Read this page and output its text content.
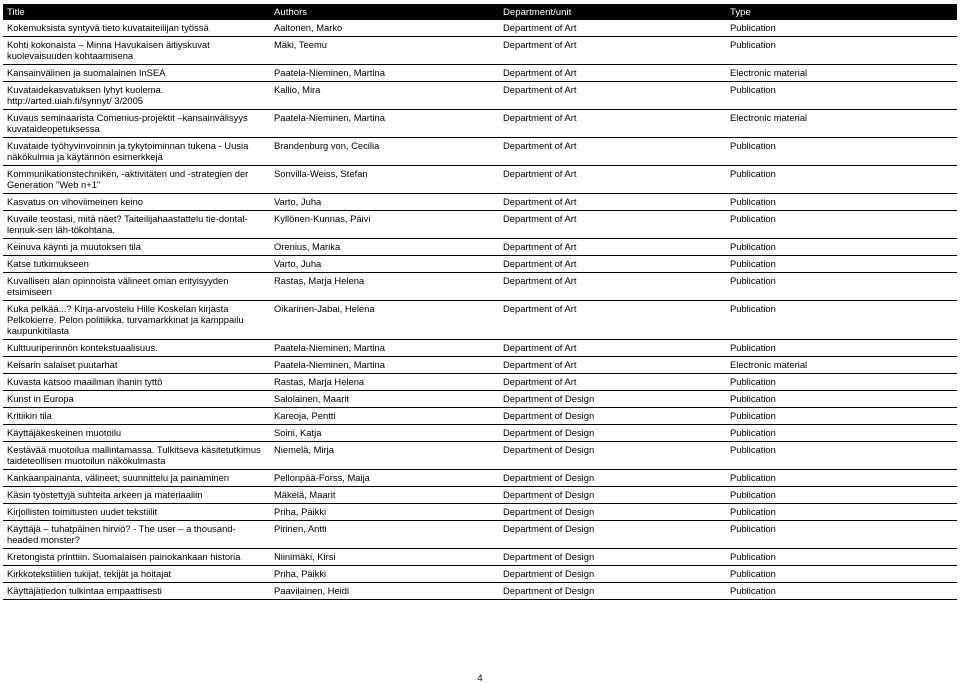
Title	Authors	Department/unit	Type
Kokemuksista syntyvä tieto kuvataiteilijan työssä	Aaltonen, Marko	Department of Art	Publication
Kohti kokonaista – Minna Havukaisen äitiyskuvat kuolevaisuuden kohtaamisena	Mäki, Teemu	Department of Art	Publication
Kansainvälinen ja suomalainen InSEA	Paatela-Nieminen, Martina	Department of Art	Electronic material
Kuvataidekasvatuksen lyhyt kuolema. http://arted.uiah.fi/synnyt/ 3/2005	Kallio, Mira	Department of Art	Publication
Kuvaus seminaarista Comenius-projektit –kansainvälisyys kuvataideopetuksessa	Paatela-Nieminen, Martina	Department of Art	Electronic material
Kuvataide työhyvinvoinnin ja tykytoiminnan tukena - Uusia näkökulmia ja käytännön esimerkkejä	Brandenburg von, Cecilia	Department of Art	Publication
Kommunikationstechniken, -aktivitäten und -strategien der Generation "Web n+1"	Sonvilla-Weiss, Stefan	Department of Art	Publication
Kasvatus on vihoviimeinen keino	Varto, Juha	Department of Art	Publication
Kuvaile teostasi, mitä näet? Taiteilijahaastattelu tie-dontal-lennuk-sen läh-tökohtana.	Kyllönen-Kunnas, Päivi	Department of Art	Publication
Keinuva käynti ja muutoksen tila	Orenius, Marika	Department of Art	Publication
Katse tutkimukseen	Varto, Juha	Department of Art	Publication
Kuvallisen alan opinnoista välineet oman erityisyyden etsimiseen	Rastas, Marja Helena	Department of Art	Publication
Kuka pelkää...? Kirja-arvostelu Hille Koskelan kirjasta Pelkokierre. Pelon politiikka, turvamarkkinat ja kamppailu kaupunkitilasta	Oikarinen-Jabai, Helena	Department of Art	Publication
Kulttuuriperinnön kontekstuaalisuus.	Paatela-Nieminen, Martina	Department of Art	Publication
Keisarin salaiset puutarhat	Paatela-Nieminen, Martina	Department of Art	Electronic material
Kuvasta katsoo maailman ihanin tyttö	Rastas, Marja Helena	Department of Art	Publication
Kunst in Europa	Salolainen, Maarit	Department of Design	Publication
Kritiikin tila	Kareoja, Pentti	Department of Design	Publication
Käyttäjäkeskeinen muotoilu	Soini, Katja	Department of Design	Publication
Kestävää muotoilua mallintamassa. Tulkitseva käsitetutkimus taideteollisen muotoilun näkökulmasta	Niemelä, Mirja	Department of Design	Publication
Kankaanpainanta, välineet, suunnittelu ja painaminen	Pellonpää-Forss, Maija	Department of Design	Publication
Käsin työstettyjä suhteita arkeen ja materiaaliin	Mäkelä, Maarit	Department of Design	Publication
Kirjollisten toimitusten uudet tekstiilit	Priha, Päikki	Department of Design	Publication
Käyttäjä – tuhatpäinen hirviö? - The user – a thousand-headed monster?	Pirinen, Antti	Department of Design	Publication
Kretongista printtiin. Suomalaisen painokankaan historia	Niinimäki, Kirsi	Department of Design	Publication
Kirkkotekstiilien tukijat, tekijät ja hoitajat	Priha, Päikki	Department of Design	Publication
Käyttäjätiedon tulkintaa empaattisesti	Paavilainen, Heidi	Department of Design	Publication
4
